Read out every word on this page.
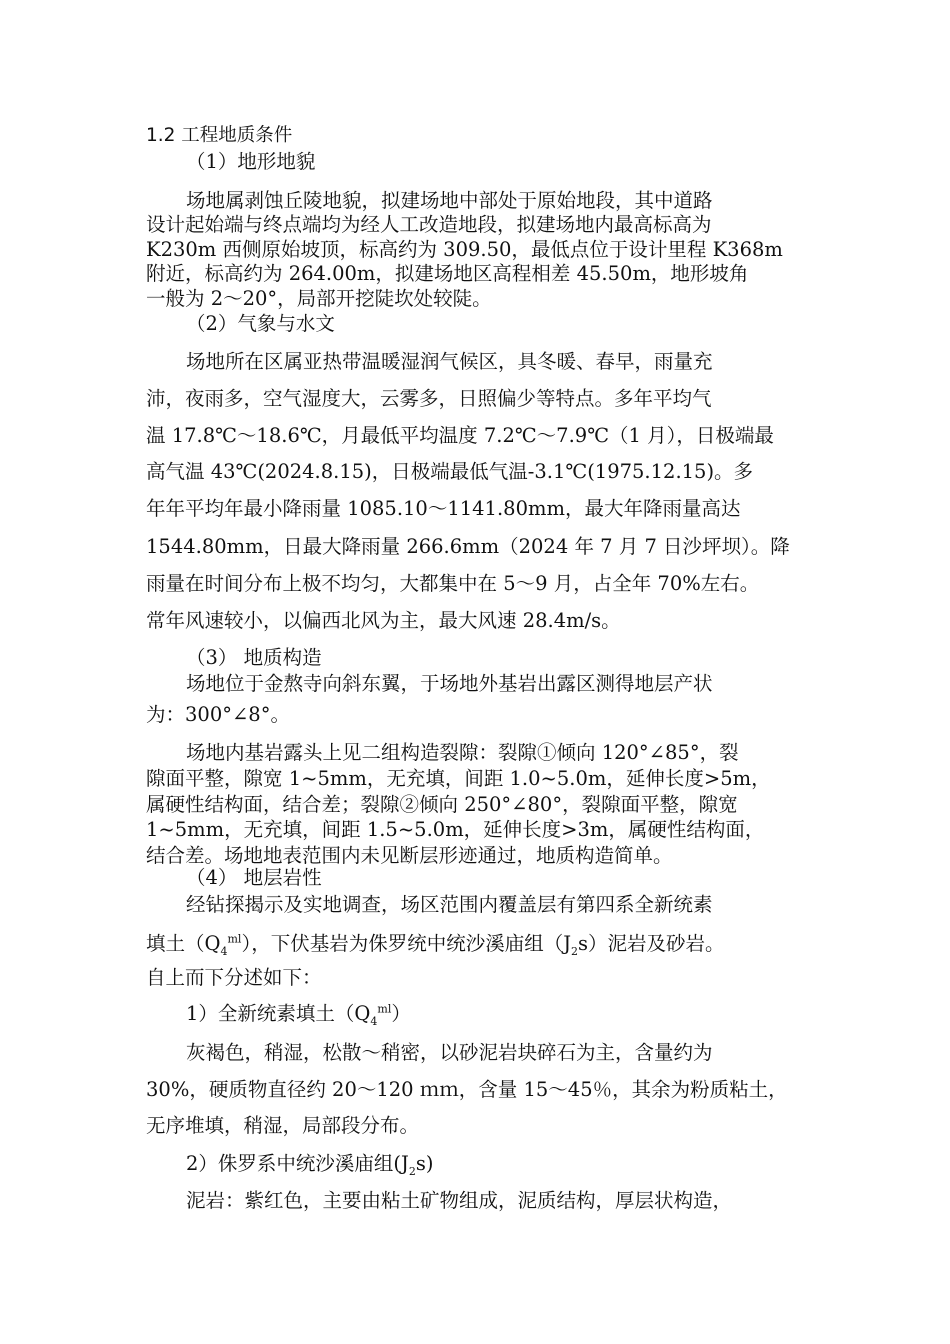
1.2 工程地质条件
（1）地形地貌
场地属剥蚀丘陵地貌，拟建场地中部处于原始地段，其中道路
设计起始端与终点端均为经人工改造地段，拟建场地内最高标高为
K230m 西侧原始坡顶，标高约为 309.50，最低点位于设计里程 K368m
附近，标高约为 264.00m，拟建场地区高程相差 45.50m，地形坡角
一般为 2～20°，局部开挖陡坎处较陡。
（2）气象与水文
场地所在区属亚热带温暖湿润气候区，具冬暖、春早，雨量充
沛，夜雨多，空气湿度大，云雾多，日照偏少等特点。多年平均气
温 17.8℃～18.6℃，月最低平均温度 7.2℃～7.9℃（1 月），日极端最
高气温 43℃(2024.8.15)，日极端最低气温-3.1℃(1975.12.15)。多
年年平均年最小降雨量 1085.10～1141.80mm，最大年降雨量高达
1544.80mm，日最大降雨量 266.6mm（2024 年 7 月 7 日沙坪坝）。降
雨量在时间分布上极不均匀，大都集中在 5～9 月，占全年 70%左右。
常年风速较小，以偏西北风为主，最大风速 28.4m/s。
（3） 地质构造
场地位于金熬寺向斜东翼，于场地外基岩出露区测得地层产状
为：300°∠8°。
场地内基岩露头上见二组构造裂隙：裂隙①倾向 120°∠85°，裂
隙面平整，隙宽 1~5mm，无充填，间距 1.0~5.0m，延伸长度>5m，
属硬性结构面，结合差；裂隙②倾向 250°∠80°，裂隙面平整，隙宽
1~5mm，无充填，间距 1.5~5.0m，延伸长度>3m，属硬性结构面，
结合差。场地地表范围内未见断层形迹通过，地质构造简单。
（4） 地层岩性
经钻探揭示及实地调查，场区范围内覆盖层有第四系全新统素
填土$(Q_4^{ml})$，下伏基岩为侏罗统中统沙溪庙组$(J_2s)$泥岩及砂岩。
自上而下分述如下：
1）全新统素填土$(Q_4^{ml})$
灰褐色，稍湿，松散～稍密，以砂泥岩块碎石为主，含量约为
30%，硬质物直径约 20～120 ｍｍ，含量 15～45％，其余为粉质粘土，
无序堆填，稍湿，局部段分布。
2）侏罗系中统沙溪庙组$(J_2s)$
泥岩：紫红色，主要由粘土矿物组成，泥质结构，厚层状构造，
